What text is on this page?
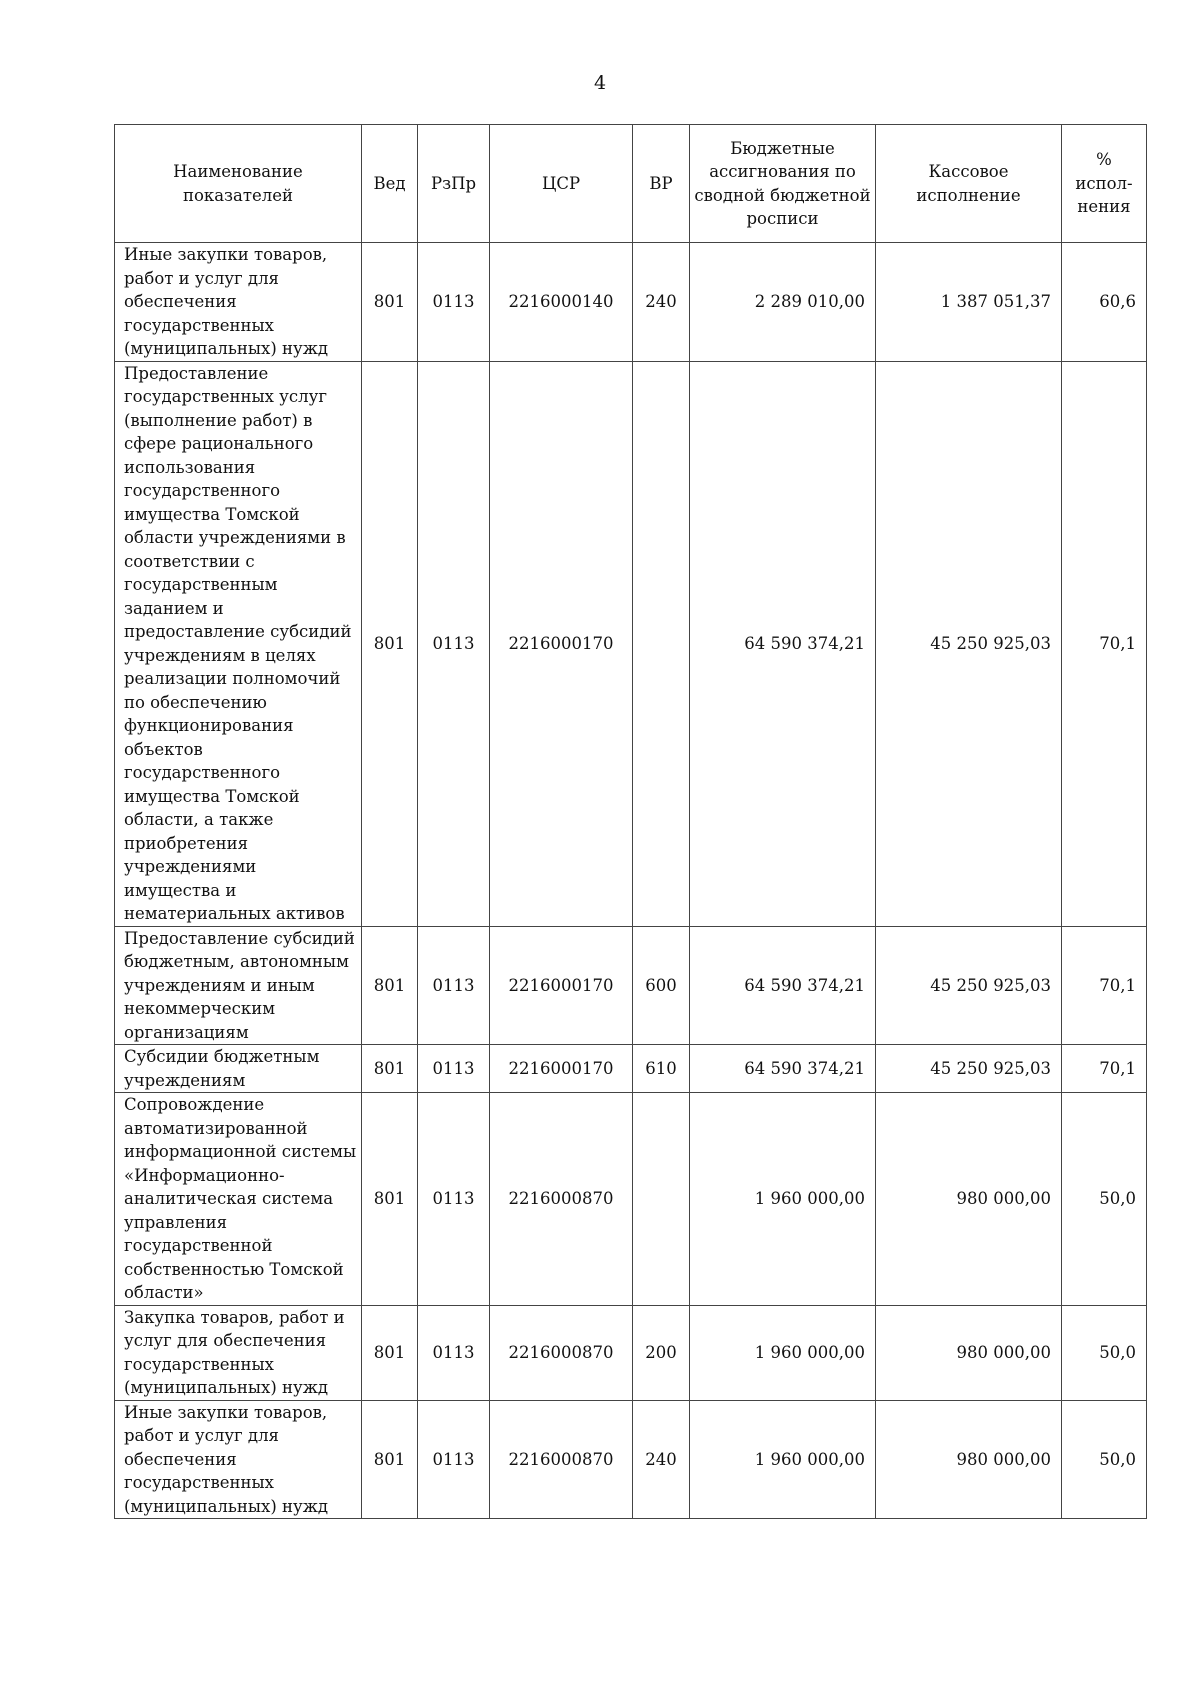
4
Наименование показателей	Вед	РзПр	ЦСР	ВР	Бюджетные ассигнования по сводной бюджетной росписи	Кассовое исполнение	% испол-нения
Иные закупки товаров, работ и услуг для обеспечения государственных (муниципальных) нужд	801	0113	2216000140	240	2 289 010,00	1 387 051,37	60,6
Предоставление государственных услуг (выполнение работ) в сфере рационального использования государственного имущества Томской области учреждениями в соответствии с государственным заданием и предоставление субсидий учреждениям в целях реализации полномочий по обеспечению функционирования объектов государственного имущества Томской области, а также приобретения учреждениями имущества и нематериальных активов	801	0113	2216000170		64 590 374,21	45 250 925,03	70,1
Предоставление субсидий бюджетным, автономным учреждениям и иным некоммерческим организациям	801	0113	2216000170	600	64 590 374,21	45 250 925,03	70,1
Субсидии бюджетным учреждениям	801	0113	2216000170	610	64 590 374,21	45 250 925,03	70,1
Сопровождение автоматизированной информационной системы «Информационно-аналитическая система управления государственной собственностью Томской области»	801	0113	2216000870		1 960 000,00	980 000,00	50,0
Закупка товаров, работ и услуг для обеспечения государственных (муниципальных) нужд	801	0113	2216000870	200	1 960 000,00	980 000,00	50,0
Иные закупки товаров, работ и услуг для обеспечения государственных (муниципальных) нужд	801	0113	2216000870	240	1 960 000,00	980 000,00	50,0
